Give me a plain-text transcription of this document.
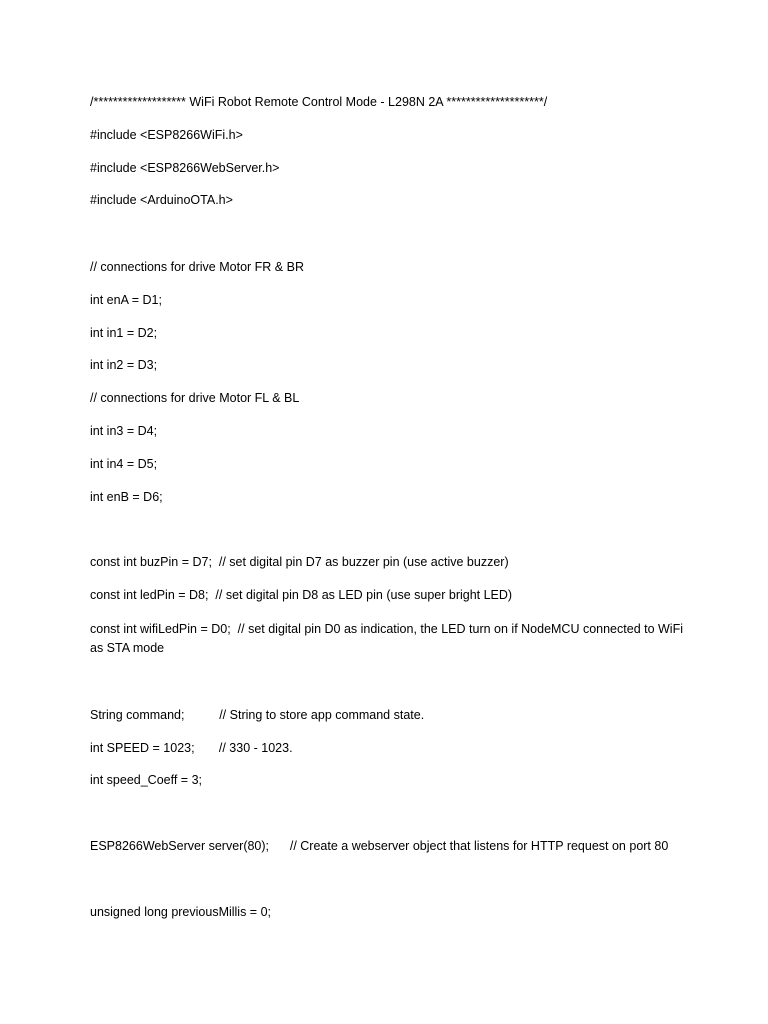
/******************* WiFi Robot Remote Control Mode - L298N 2A ********************/
#include <ESP8266WiFi.h>
#include <ESP8266WebServer.h>
#include <ArduinoOTA.h>
// connections for drive Motor FR & BR
int enA = D1;
int in1 = D2;
int in2 = D3;
// connections for drive Motor FL & BL
int in3 = D4;
int in4 = D5;
int enB = D6;
const int buzPin = D7;  // set digital pin D7 as buzzer pin (use active buzzer)
const int ledPin = D8;  // set digital pin D8 as LED pin (use super bright LED)
const int wifiLedPin = D0;  // set digital pin D0 as indication, the LED turn on if NodeMCU connected to WiFi as STA mode
String command;          // String to store app command state.
int SPEED = 1023;       // 330 - 1023.
int speed_Coeff = 3;
ESP8266WebServer server(80);      // Create a webserver object that listens for HTTP request on port 80
unsigned long previousMillis = 0;
